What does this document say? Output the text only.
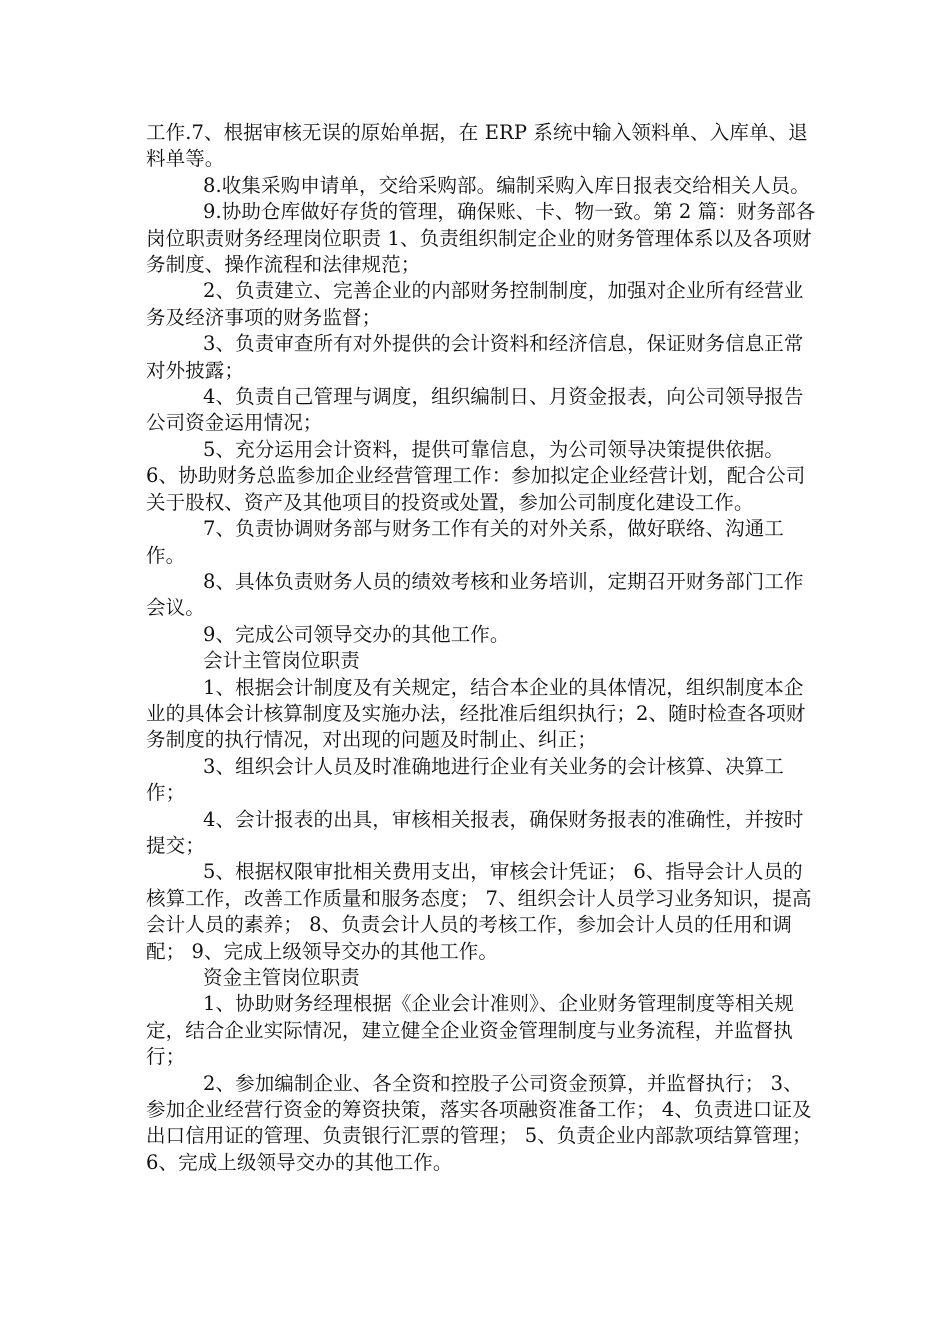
工作.7、根据审核无误的原始单据，在 ERP 系统中输入领料单、入库单、退料单等。

8.收集采购申请单，交给采购部。编制采购入库日报表交给相关人员。

9.协助仓库做好存货的管理，确保账、卡、物一致。第 2 篇：财务部各岗位职责财务经理岗位职责 1、负责组织制定企业的财务管理体系以及各项财务制度、操作流程和法律规范；

2、负责建立、完善企业的内部财务控制制度，加强对企业所有经营业务及经济事项的财务监督；

3、负责审查所有对外提供的会计资料和经济信息，保证财务信息正常对外披露；

4、负责自己管理与调度，组织编制日、月资金报表，向公司领导报告公司资金运用情况；

5、充分运用会计资料，提供可靠信息，为公司领导决策提供依据。 6、协助财务总监参加企业经营管理工作：参加拟定企业经营计划，配合公司关于股权、资产及其他项目的投资或处置，参加公司制度化建设工作。

7、负责协调财务部与财务工作有关的对外关系，做好联络、沟通工作。

8、具体负责财务人员的绩效考核和业务培训，定期召开财务部门工作会议。

9、完成公司领导交办的其他工作。

会计主管岗位职责

1、根据会计制度及有关规定，结合本企业的具体情况，组织制度本企业的具体会计核算制度及实施办法，经批准后组织执行；2、随时检查各项财务制度的执行情况，对出现的问题及时制止、纠正；

3、组织会计人员及时准确地进行企业有关业务的会计核算、决算工作；

4、会计报表的出具，审核相关报表，确保财务报表的准确性，并按时提交；

5、根据权限审批相关费用支出，审核会计凭证； 6、指导会计人员的核算工作，改善工作质量和服务态度； 7、组织会计人员学习业务知识，提高会计人员的素养； 8、负责会计人员的考核工作，参加会计人员的任用和调配； 9、完成上级领导交办的其他工作。

资金主管岗位职责

1、协助财务经理根据《企业会计准则》、企业财务管理制度等相关规定，结合企业实际情况，建立健全企业资金管理制度与业务流程，并监督执行；

2、参加编制企业、各全资和控股子公司资金预算，并监督执行； 3、参加企业经营行资金的筹资抉策，落实各项融资准备工作； 4、负责进口证及出口信用证的管理、负责银行汇票的管理； 5、负责企业内部款项结算管理； 6、完成上级领导交办的其他工作。
